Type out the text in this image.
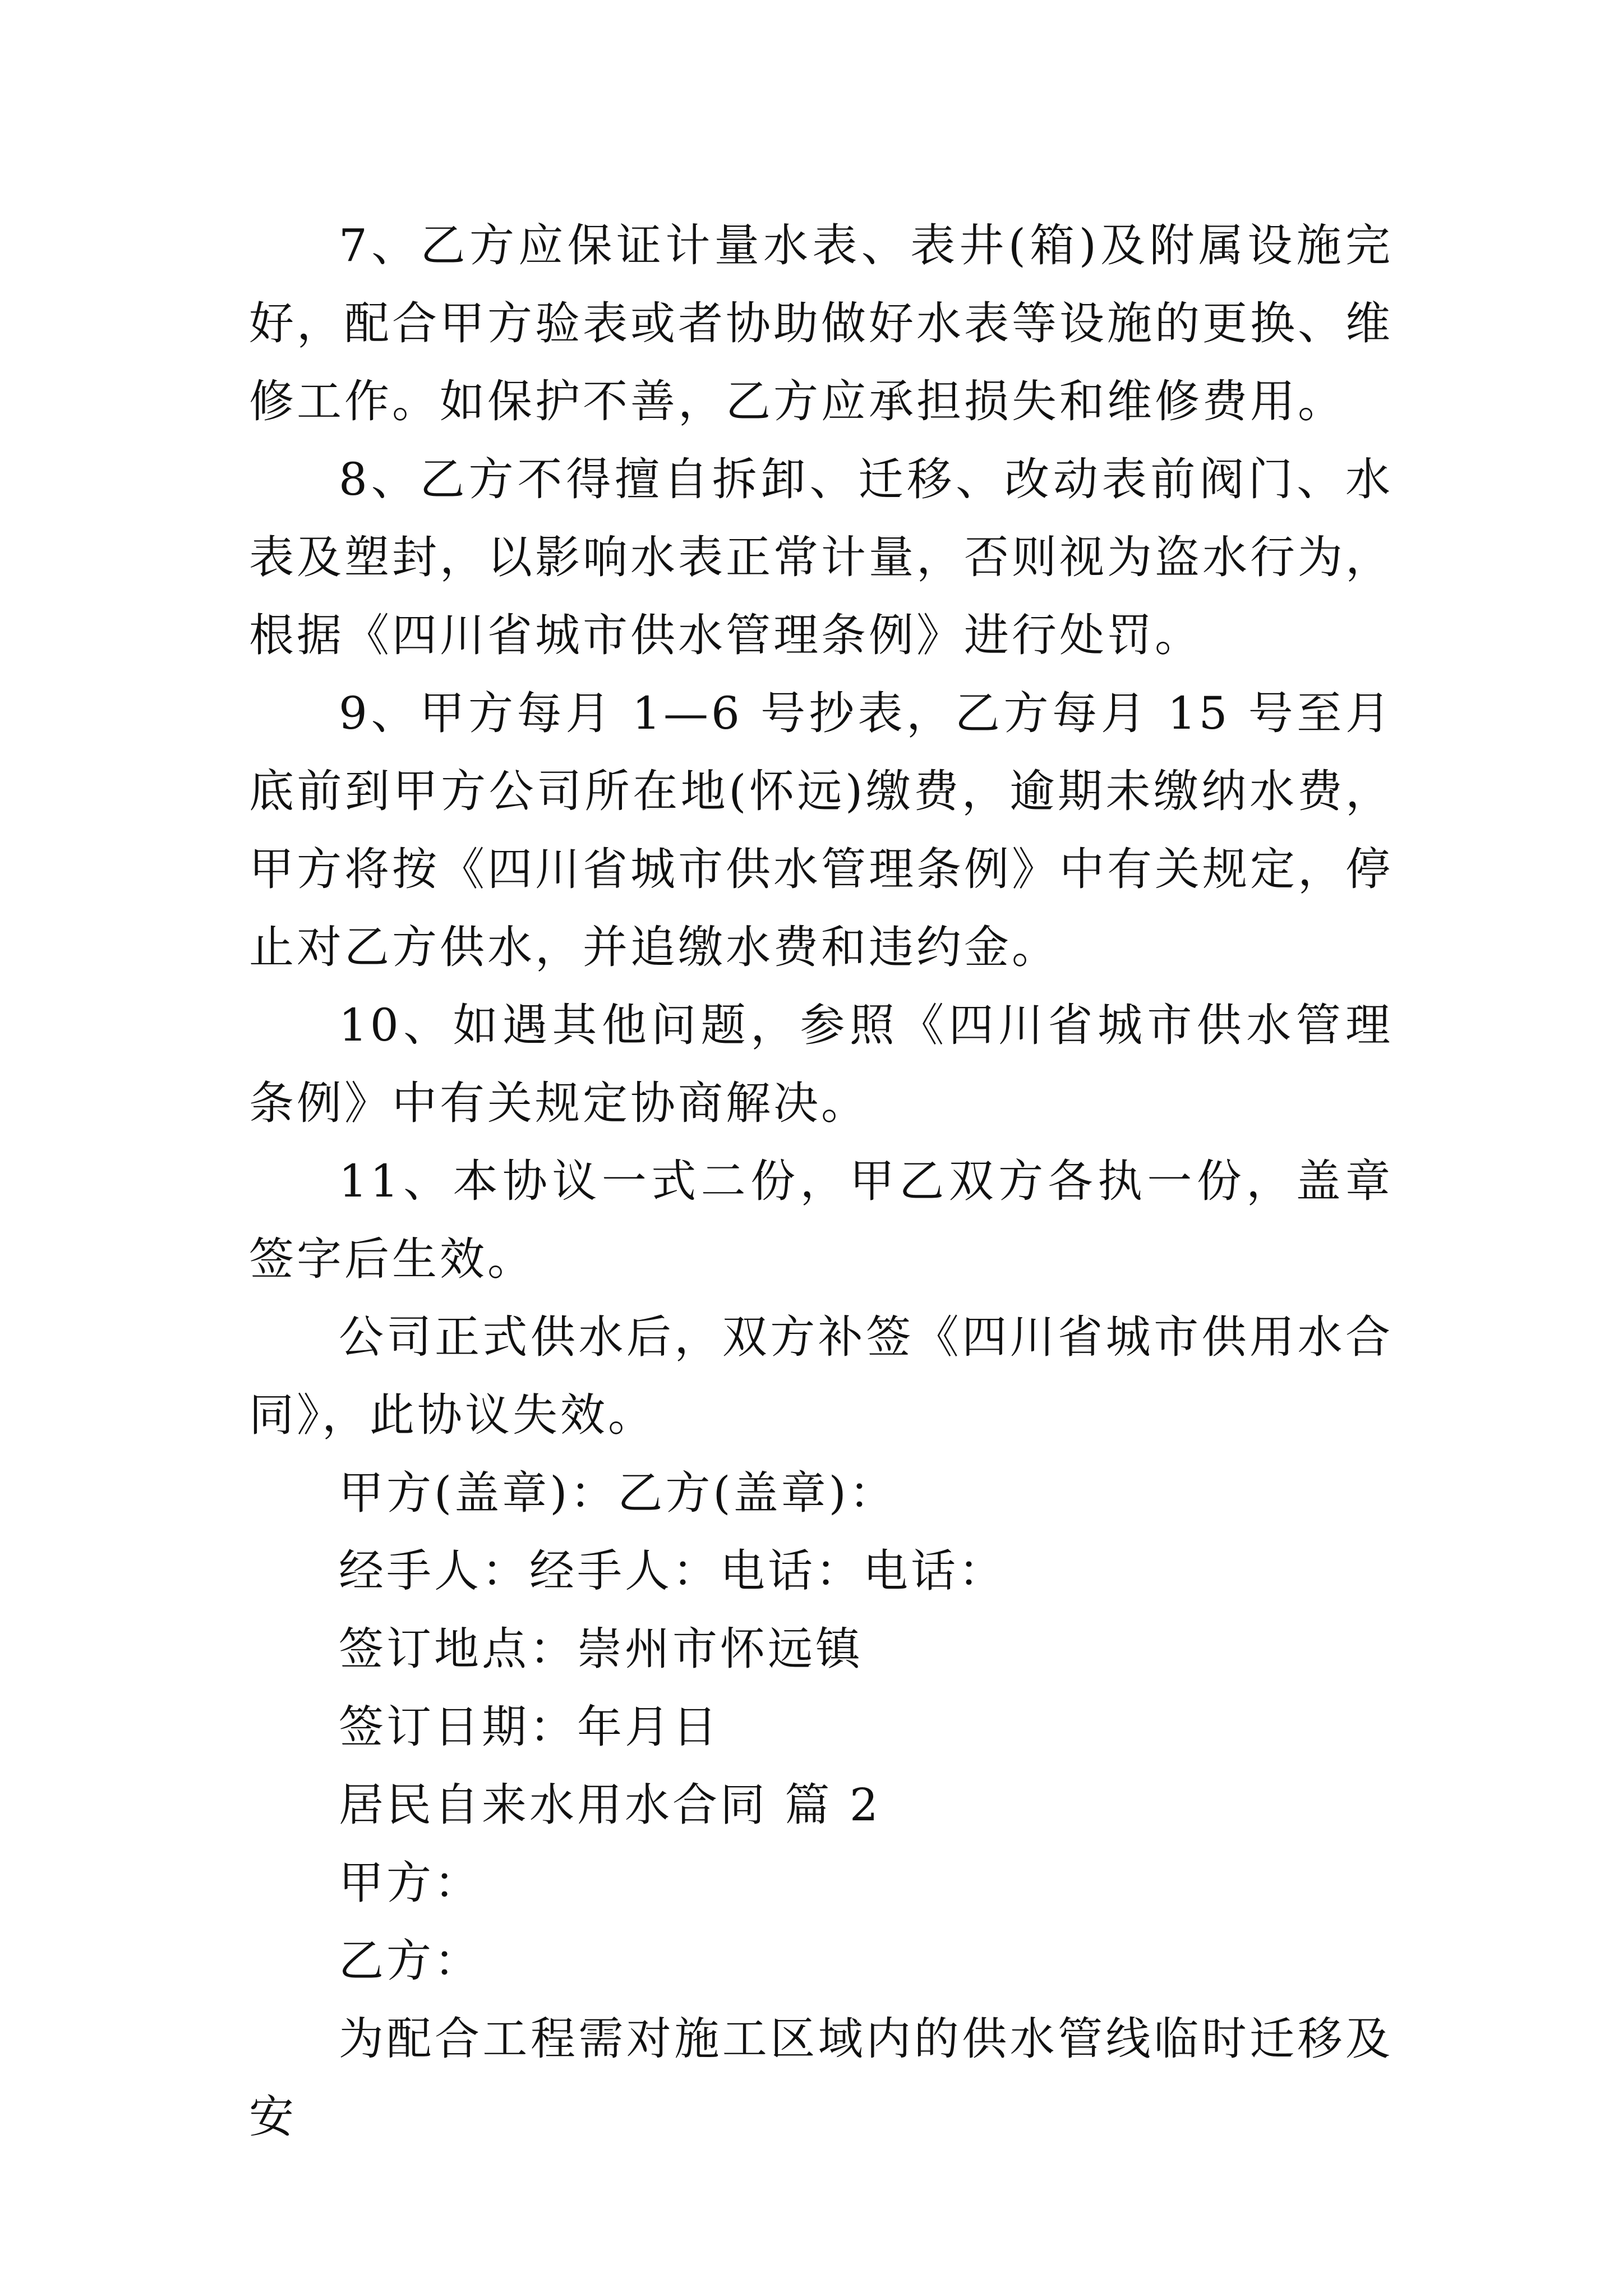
7、乙方应保证计量水表、表井(箱)及附属设施完好，配合甲方验表或者协助做好水表等设施的更换、维修工作。如保护不善，乙方应承担损失和维修费用。

8、乙方不得擅自拆卸、迁移、改动表前阀门、水表及塑封，以影响水表正常计量，否则视为盗水行为，根据《四川省城市供水管理条例》进行处罚。

9、甲方每月 1—6 号抄表，乙方每月 15 号至月底前到甲方公司所在地(怀远)缴费，逾期未缴纳水费，甲方将按《四川省城市供水管理条例》中有关规定，停止对乙方供水，并追缴水费和违约金。

10、如遇其他问题，参照《四川省城市供水管理条例》中有关规定协商解决。

11、本协议一式二份，甲乙双方各执一份，盖章签字后生效。

公司正式供水后，双方补签《四川省城市供用水合同》，此协议失效。

甲方(盖章)：乙方(盖章)：

经手人：经手人：电话：电话：

签订地点：崇州市怀远镇

签订日期：年月日

居民自来水用水合同 篇 2

甲方：

乙方：

为配合工程需对施工区域内的供水管线临时迁移及安
